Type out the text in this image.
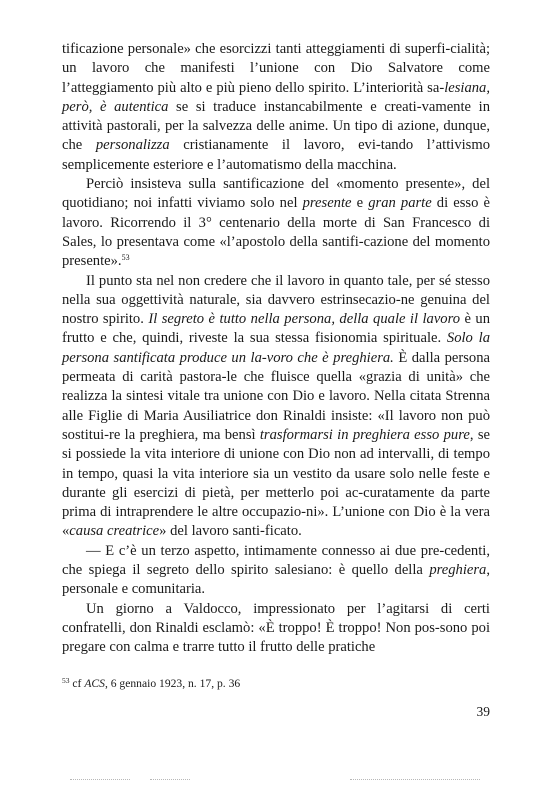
tificazione personale» che esorcizzi tanti atteggiamenti di superfi-cialità; un lavoro che manifesti l’unione con Dio Salvatore come l’atteggiamento più alto e più pieno dello spirito. L’interiorità sa-lesiana, però, è autentica se si traduce instancabilmente e creati-vamente in attività pastorali, per la salvezza delle anime. Un tipo di azione, dunque, che personalizza cristianamente il lavoro, evi-tando l’attivismo semplicemente esteriore e l’automatismo della macchina.

Perciò insisteva sulla santificazione del «momento presente», del quotidiano; noi infatti viviamo solo nel presente e gran parte di esso è lavoro. Ricorrendo il 3° centenario della morte di San Francesco di Sales, lo presentava come «l’apostolo della santifi-cazione del momento presente».$^{53}$

Il punto sta nel non credere che il lavoro in quanto tale, per sé stesso nella sua oggettività naturale, sia davvero estrinsecazio-ne genuina del nostro spirito. Il segreto è tutto nella persona, della quale il lavoro è un frutto e che, quindi, riveste la sua stessa fisionomia spirituale. Solo la persona santificata produce un la-voro che è preghiera. È dalla persona permeata di carità pastora-le che fluisce quella «grazia di unità» che realizza la sintesi vitale tra unione con Dio e lavoro. Nella citata Strenna alle Figlie di Maria Ausiliatrice don Rinaldi insiste: «Il lavoro non può sostitui-re la preghiera, ma bensì trasformarsi in preghiera esso pure, se si possiede la vita interiore di unione con Dio non ad intervalli, di tempo in tempo, quasi la vita interiore sia un vestito da usare solo nelle feste e durante gli esercizi di pietà, per metterlo poi ac-curatamente da parte prima di intraprendere le altre occupazio-ni». L’unione con Dio è la vera «causa creatrice» del lavoro santi-ficato.

— E c’è un terzo aspetto, intimamente connesso ai due pre-cedenti, che spiega il segreto dello spirito salesiano: è quello della preghiera, personale e comunitaria.

Un giorno a Valdocco, impressionato per l’agitarsi di certi confratelli, don Rinaldi esclamò: «È troppo! È troppo! Non pos-sono poi pregare con calma e trarre tutto il frutto delle pratiche

$^{53}$ cf ACS, 6 gennaio 1923, n. 17, p. 36
39
